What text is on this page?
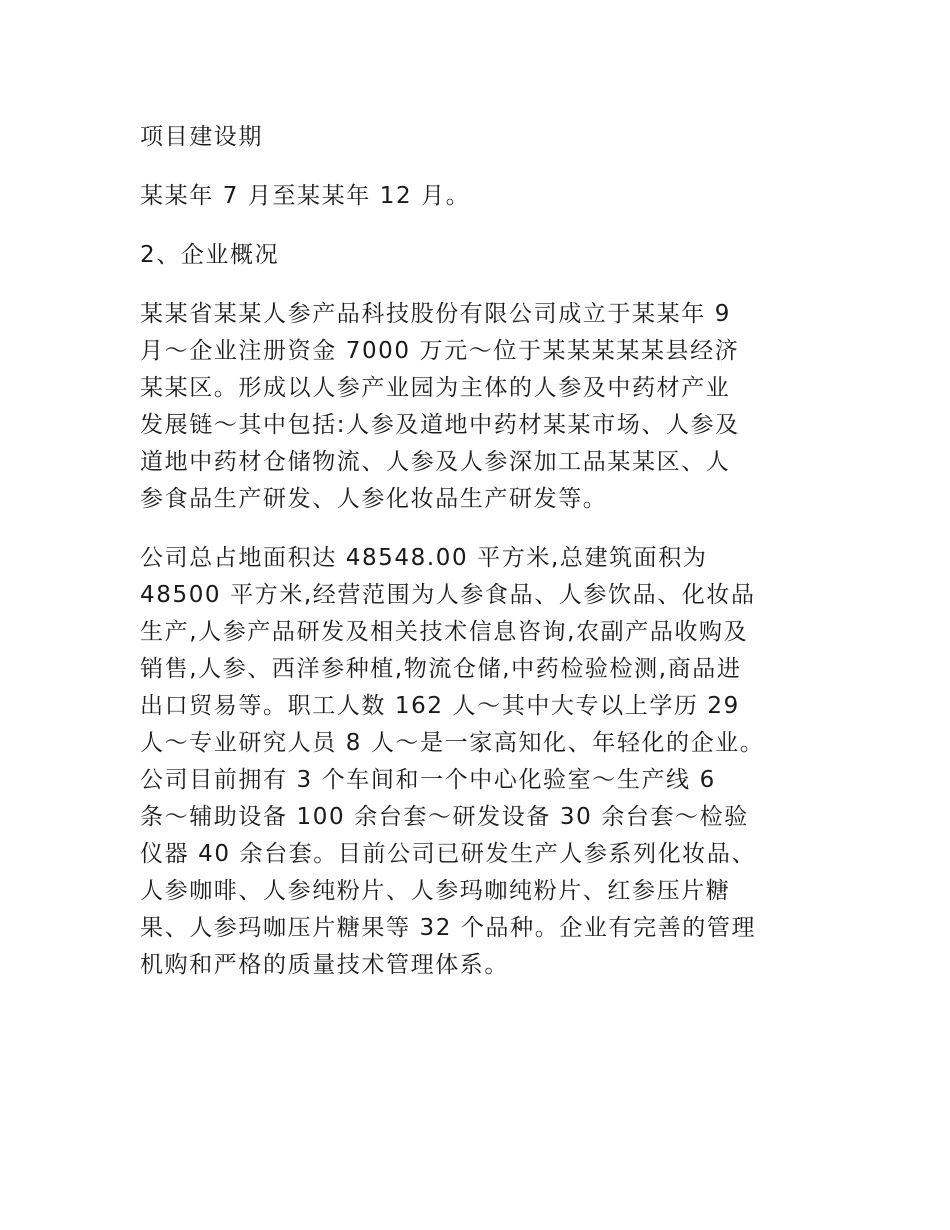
项目建设期

某某年 7 月至某某年 12 月。

2、企业概况

某某省某某人参产品科技股份有限公司成立于某某年 9
月～企业注册资金 7000 万元～位于某某某某某县经济
某某区。形成以人参产业园为主体的人参及中药材产业
发展链～其中包括:人参及道地中药材某某市场、人参及
道地中药材仓储物流、人参及人参深加工品某某区、人
参食品生产研发、人参化妆品生产研发等。

公司总占地面积达 48548.00 平方米,总建筑面积为
48500 平方米,经营范围为人参食品、人参饮品、化妆品
生产,人参产品研发及相关技术信息咨询,农副产品收购及
销售,人参、西洋参种植,物流仓储,中药检验检测,商品进
出口贸易等。职工人数 162 人～其中大专以上学历 29
人～专业研究人员 8 人～是一家高知化、年轻化的企业。
公司目前拥有 3 个车间和一个中心化验室～生产线 6
条～辅助设备 100 余台套～研发设备 30 余台套～检验
仪器 40 余台套。目前公司已研发生产人参系列化妆品、
人参咖啡、人参纯粉片、人参玛咖纯粉片、红参压片糖
果、人参玛咖压片糖果等 32 个品种。企业有完善的管理
机购和严格的质量技术管理体系。
